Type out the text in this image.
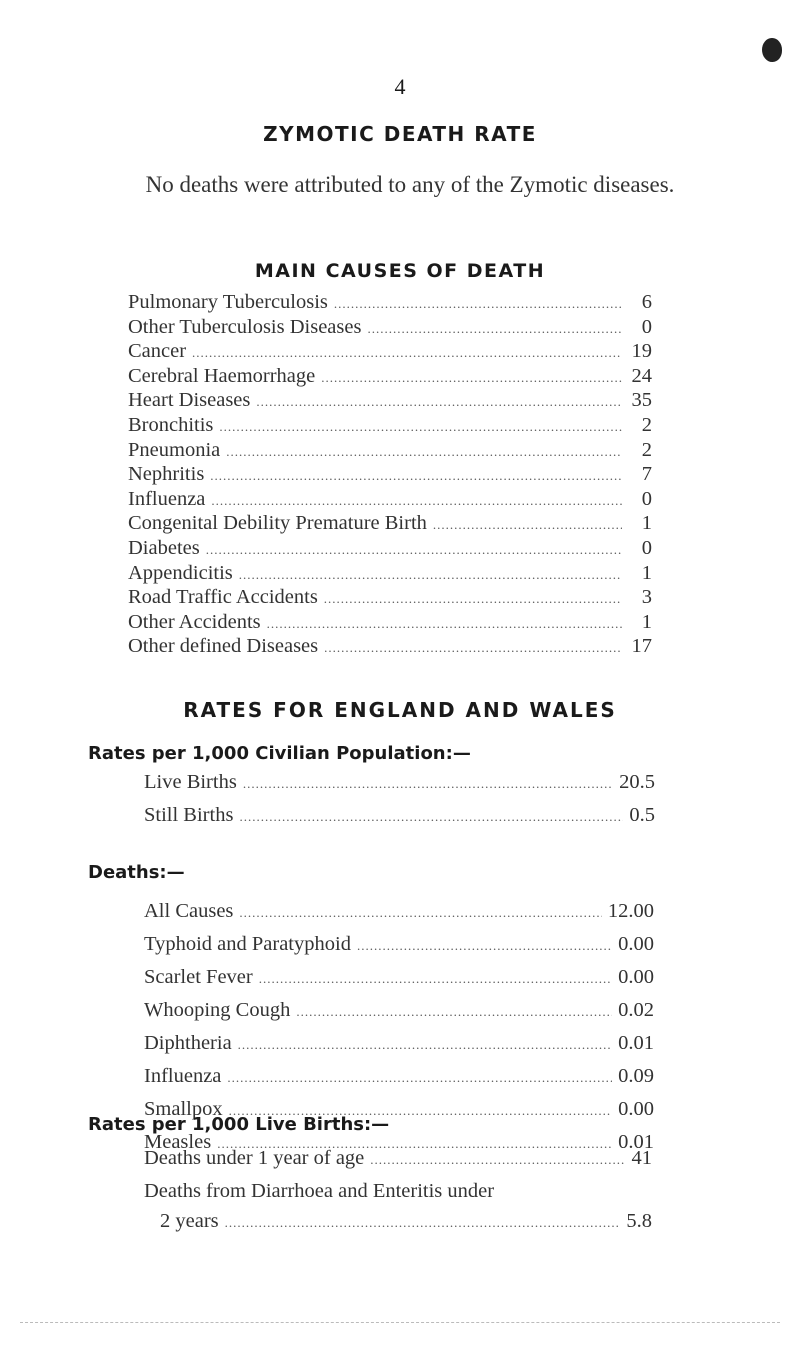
4
ZYMOTIC DEATH RATE
No deaths were attributed to any of the Zymotic diseases.
MAIN CAUSES OF DEATH
Pulmonary Tuberculosis .....	6
Other Tuberculosis Diseases .....	0
Cancer .....	19
Cerebral Haemorrhage .....	24
Heart Diseases .....	35
Bronchitis .....	2
Pneumonia .....	2
Nephritis .....	7
Influenza .....	0
Congenital Debility Premature Birth .....	1
Diabetes .....	0
Appendicitis .....	1
Road Traffic Accidents .....	3
Other Accidents .....	1
Other defined Diseases .....	17
RATES FOR ENGLAND AND WALES
Rates per 1,000 Civilian Population:—
Live Births .....	20.5
Still Births .....	0.5
Deaths:—
All Causes .....	12.00
Typhoid and Paratyphoid .....	0.00
Scarlet Fever .....	0.00
Whooping Cough .....	0.02
Diphtheria .....	0.01
Influenza .....	0.09
Smallpox .....	0.00
Measles .....	0.01
Rates per 1,000 Live Births:—
Deaths under 1 year of age .....	41
Deaths from Diarrhoea and Enteritis under
2 years .....	5.8
